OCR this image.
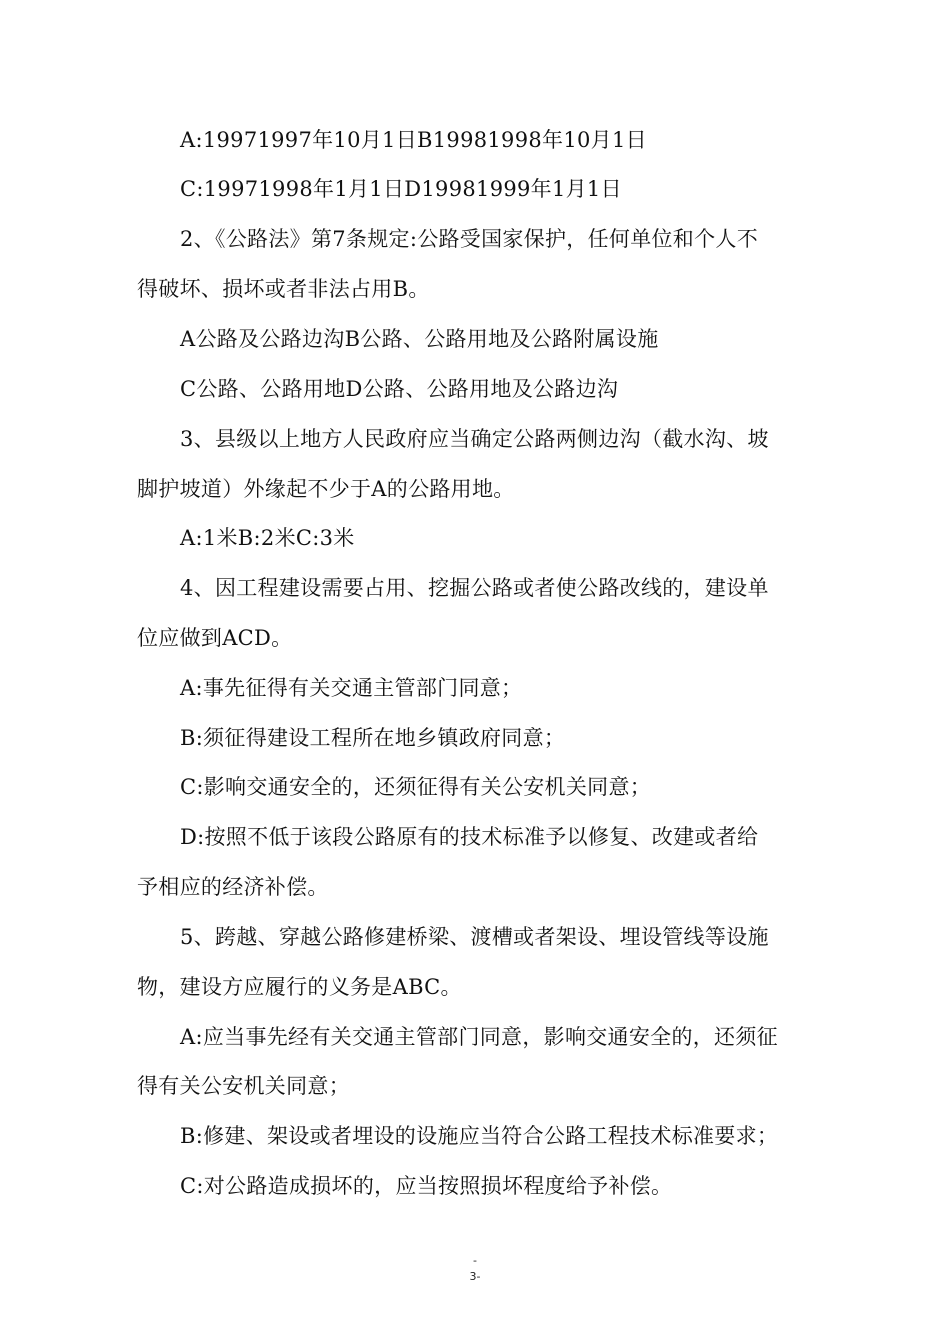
A:19971997年10月1日B19981998年10月1日
C:19971998年1月1日D19981999年1月1日
2、《公路法》第7条规定:公路受国家保护，任何单位和个人不
得破坏、损坏或者非法占用B。
A公路及公路边沟B公路、公路用地及公路附属设施
C公路、公路用地D公路、公路用地及公路边沟
3、县级以上地方人民政府应当确定公路两侧边沟（截水沟、坡
脚护坡道）外缘起不少于A的公路用地。
A:1米B:2米C:3米
4、因工程建设需要占用、挖掘公路或者使公路改线的，建设单
位应做到ACD。
A:事先征得有关交通主管部门同意；
B:须征得建设工程所在地乡镇政府同意；
C:影响交通安全的，还须征得有关公安机关同意；
D:按照不低于该段公路原有的技术标准予以修复、改建或者给
予相应的经济补偿。
5、跨越、穿越公路修建桥梁、渡槽或者架设、埋设管线等设施
物，建设方应履行的义务是ABC。
A:应当事先经有关交通主管部门同意，影响交通安全的，还须征
得有关公安机关同意；
B:修建、架设或者埋设的设施应当符合公路工程技术标准要求；
C:对公路造成损坏的，应当按照损坏程度给予补偿。
-
3-
